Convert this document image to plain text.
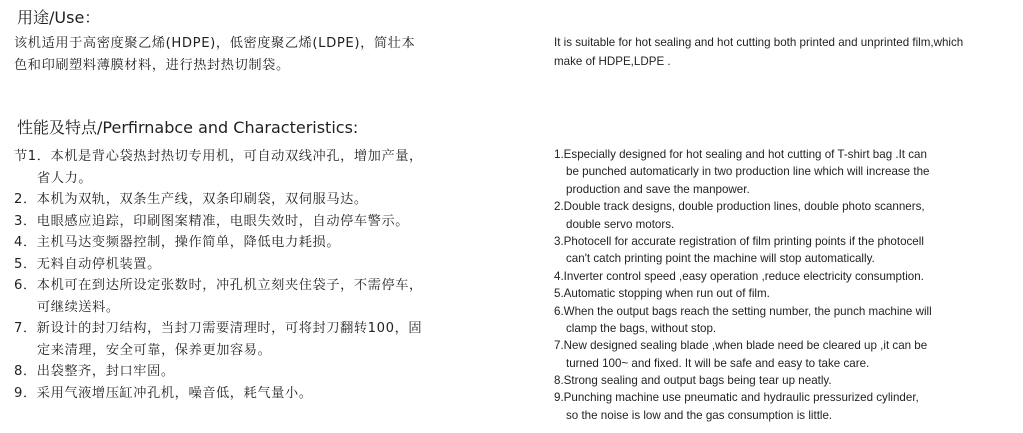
用途/Use：
该机适用于高密度聚乙烯(HDPE)，低密度聚乙烯(LDPE)，简壮本
色和印刷塑料薄膜材料，进行热封热切制袋。
It is suitable for hot sealing and hot cutting both printed and unprinted film,which
make of HDPE,LDPE .
性能及特点/Perfirnabce and Characteristics:
节1．本机是背心袋热封热切专用机，可自动双线冲孔，增加产量，
省人力。
2．本机为双轨，双条生产线，双条印刷袋，双伺服马达。
3．电眼感应追踪，印刷图案精准，电眼失效时，自动停车警示。
4．主机马达变频器控制，操作简单，降低电力耗损。
5．无料自动停机装置。
6．本机可在到达所设定张数时，冲孔机立刻夹住袋子，不需停车，
可继续送料。
7．新设计的封刀结构，当封刀需要清理时，可将封刀翻转100，固
定来清理，安全可靠，保养更加容易。
8．出袋整齐，封口牢固。
9．采用气液增压缸冲孔机，噪音低，耗气量小。
1.Especially designed for hot sealing and hot cutting of T-shirt bag .It can
be punched automaticarly in two production line which will increase the
production and save the manpower.
2.Double track designs, double production lines, double photo scanners,
double servo motors.
3.Photocell for accurate registration of film printing points if the photocell
can't catch printing point the machine will stop automatically.
4.Inverter control speed ,easy operation ,reduce electricity consumption.
5.Automatic stopping when run out of film.
6.When the output bags reach the setting number, the punch machine will
clamp the bags, without stop.
7.New designed sealing blade ,when blade need be cleared up ,it can be
turned 100~ and fixed. It will be safe and easy to take care.
8.Strong sealing and output bags being tear up neatly.
9.Punching machine use pneumatic and hydraulic pressurized cylinder,
so the noise is low and the gas consumption is little.
